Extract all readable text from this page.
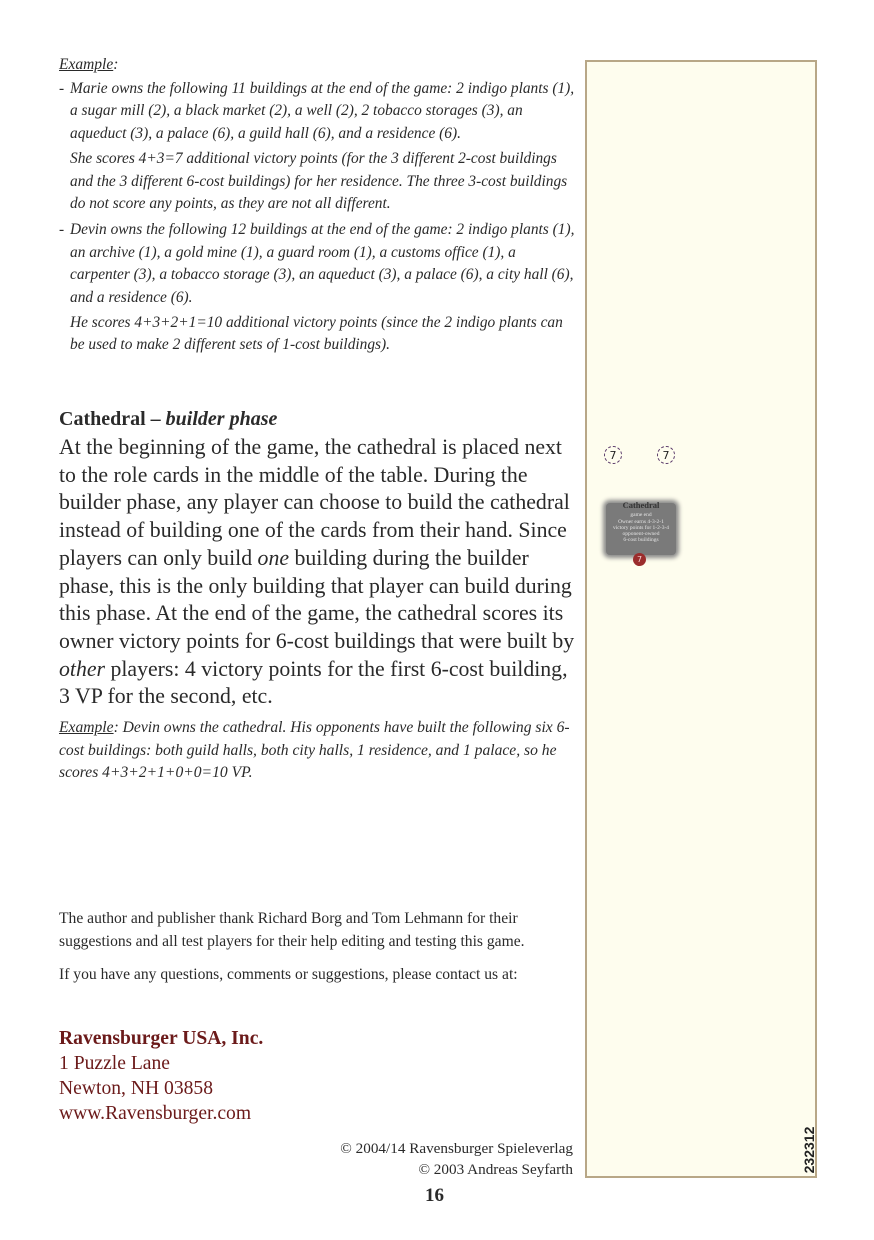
Example:
- Marie owns the following 11 buildings at the end of the game: 2 indigo plants (1), a sugar mill (2), a black market (2), a well (2), 2 tobacco storages (3), an aqueduct (3), a palace (6), a guild hall (6), and a residence (6).

She scores 4+3=7 additional victory points (for the 3 different 2-cost buildings and the 3 different 6-cost buildings) for her residence. The three 3-cost buildings do not score any points, as they are not all different.

- Devin owns the following 12 buildings at the end of the game: 2 indigo plants (1), an archive (1), a gold mine (1), a guard room (1), a customs office (1), a carpenter (3), a tobacco storage (3), an aqueduct (3), a palace (6), a city hall (6), and a residence (6).

He scores 4+3+2+1=10 additional victory points (since the 2 indigo plants can be used to make 2 different sets of 1-cost buildings).

Cathedral – builder phase

At the beginning of the game, the cathedral is placed next to the role cards in the middle of the table. During the builder phase, any player can choose to build the cathedral instead of building one of the cards from their hand. Since players can only build one building during the builder phase, this is the only building that player can build during this phase. At the end of the game, the cathedral scores its owner victory points for 6-cost buildings that were built by other players: 4 victory points for the first 6-cost building, 3 VP for the second, etc.

Example: Devin owns the cathedral. His opponents have built the following six 6-cost buildings: both guild halls, both city halls, 1 residence, and 1 palace, so he scores 4+3+2+1+0+0=10 VP.

The author and publisher thank Richard Borg and Tom Lehmann for their suggestions and all test players for their help editing and testing this game.

If you have any questions, comments or suggestions, please contact us at:

Ravensburger USA, Inc.
1 Puzzle Lane
Newton, NH 03858
www.Ravensburger.com
© 2004/14 Ravensburger Spieleverlag
© 2003 Andreas Seyfarth
16
7	7
Cathedral
game end
Owner earns 4-3-2-1
victory points for 1-2-3-4
opponent-owned
6-cost buildings
7
232312
